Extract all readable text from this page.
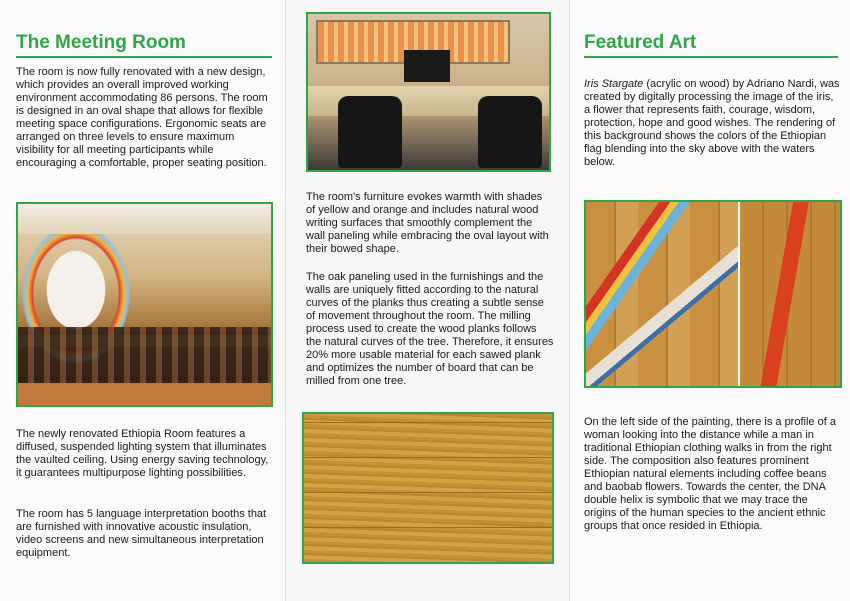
The Meeting Room

The room is now fully renovated with a new design, which provides an overall improved working environment accommodating 86 persons. The room is designed in an oval shape that allows for flexible meeting space configurations. Ergonomic seats are arranged on three levels to ensure maximum visibility for all meeting participants while encouraging a comfortable, proper seating position.

The newly renovated Ethiopia Room features a diffused, suspended lighting system that illuminates the vaulted ceiling. Using energy saving technology, it guarantees multipurpose lighting possibilities.

The room has 5 language interpretation booths that are furnished with innovative acoustic insulation, video screens and new simultaneous interpretation equipment.

The room's furniture evokes warmth with shades of yellow and orange and includes natural wood writing surfaces that smoothly complement the wall paneling while embracing the oval layout with their bowed shape.

The oak paneling used in the furnishings and the walls are uniquely fitted according to the natural curves of the planks thus creating a subtle sense of movement throughout the room. The milling process used to create the wood planks follows the natural curves of the tree. Therefore, it ensures 20% more usable material for each sawed plank and optimizes the number of board that can be milled from one tree.

Featured Art

Iris Stargate (acrylic on wood) by Adriano Nardi, was created by digitally processing the image of the iris, a flower that represents faith, courage, wisdom, protection, hope and good wishes. The rendering of this background shows the colors of the Ethiopian flag blending into the sky above with the waters below.

On the left side of the painting, there is a profile of a woman looking into the distance while a man in traditional Ethiopian clothing walks in from the right side. The composition also features prominent Ethiopian natural elements including coffee beans and baobab flowers. Towards the center, the DNA double helix is symbolic that we may trace the origins of the human species to the ancient ethnic groups that once resided in Ethiopia.
